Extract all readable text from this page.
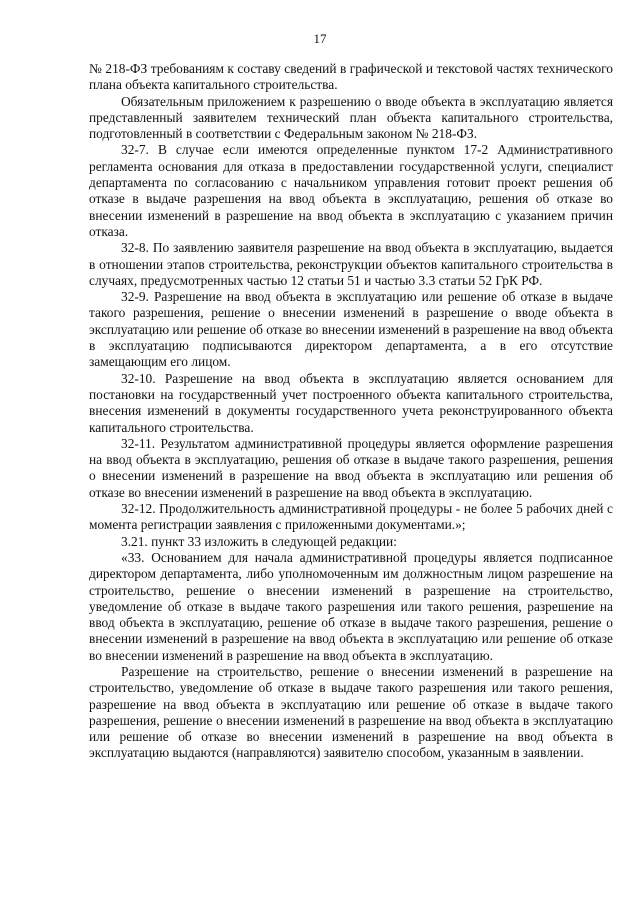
17

№ 218-ФЗ требованиям к составу сведений в графической и текстовой частях технического плана объекта капитального строительства.

Обязательным приложением к разрешению о вводе объекта в эксплуатацию является представленный заявителем технический план объекта капитального строительства, подготовленный в соответствии с Федеральным законом № 218-ФЗ.

32-7. В случае если имеются определенные пунктом 17-2 Административного регламента основания для отказа в предоставлении государственной услуги, специалист департамента по согласованию с начальником управления готовит проект решения об отказе в выдаче разрешения на ввод объекта в эксплуатацию, решения об отказе во внесении изменений в разрешение на ввод объекта в эксплуатацию с указанием причин отказа.

32-8. По заявлению заявителя разрешение на ввод объекта в эксплуатацию, выдается в отношении этапов строительства, реконструкции объектов капитального строительства в случаях, предусмотренных частью 12 статьи 51 и частью 3.3 статьи 52 ГрК РФ.

32-9. Разрешение на ввод объекта в эксплуатацию или решение об отказе в выдаче такого разрешения, решение о внесении изменений в разрешение о вводе объекта в эксплуатацию или решение об отказе во внесении изменений в разрешение на ввод объекта в эксплуатацию подписываются директором департамента, а в его отсутствие замещающим его лицом.

32-10. Разрешение на ввод объекта в эксплуатацию является основанием для постановки на государственный учет построенного объекта капитального строительства, внесения изменений в документы государственного учета реконструированного объекта капитального строительства.

32-11. Результатом административной процедуры является оформление разрешения на ввод объекта в эксплуатацию, решения об отказе в выдаче такого разрешения, решения о внесении изменений в разрешение на ввод объекта в эксплуатацию или решения об отказе во внесении изменений в разрешение на ввод объекта в эксплуатацию.

32-12. Продолжительность административной процедуры - не более 5 рабочих дней с момента регистрации заявления с приложенными документами.»;

3.21. пункт 33 изложить в следующей редакции:

«33. Основанием для начала административной процедуры является подписанное директором департамента, либо уполномоченным им должностным лицом разрешение на строительство, решение о внесении изменений в разрешение на строительство, уведомление об отказе в выдаче такого разрешения или такого решения, разрешение на ввод объекта в эксплуатацию, решение об отказе в выдаче такого разрешения, решение о внесении изменений в разрешение на ввод объекта в эксплуатацию или решение об отказе во внесении изменений в разрешение на ввод объекта в эксплуатацию.

Разрешение на строительство, решение о внесении изменений в разрешение на строительство, уведомление об отказе в выдаче такого разрешения или такого решения, разрешение на ввод объекта в эксплуатацию или решение об отказе в выдаче такого разрешения, решение о внесении изменений в разрешение на ввод объекта в эксплуатацию или решение об отказе во внесении изменений в разрешение на ввод объекта в эксплуатацию выдаются (направляются) заявителю способом, указанным в заявлении.
